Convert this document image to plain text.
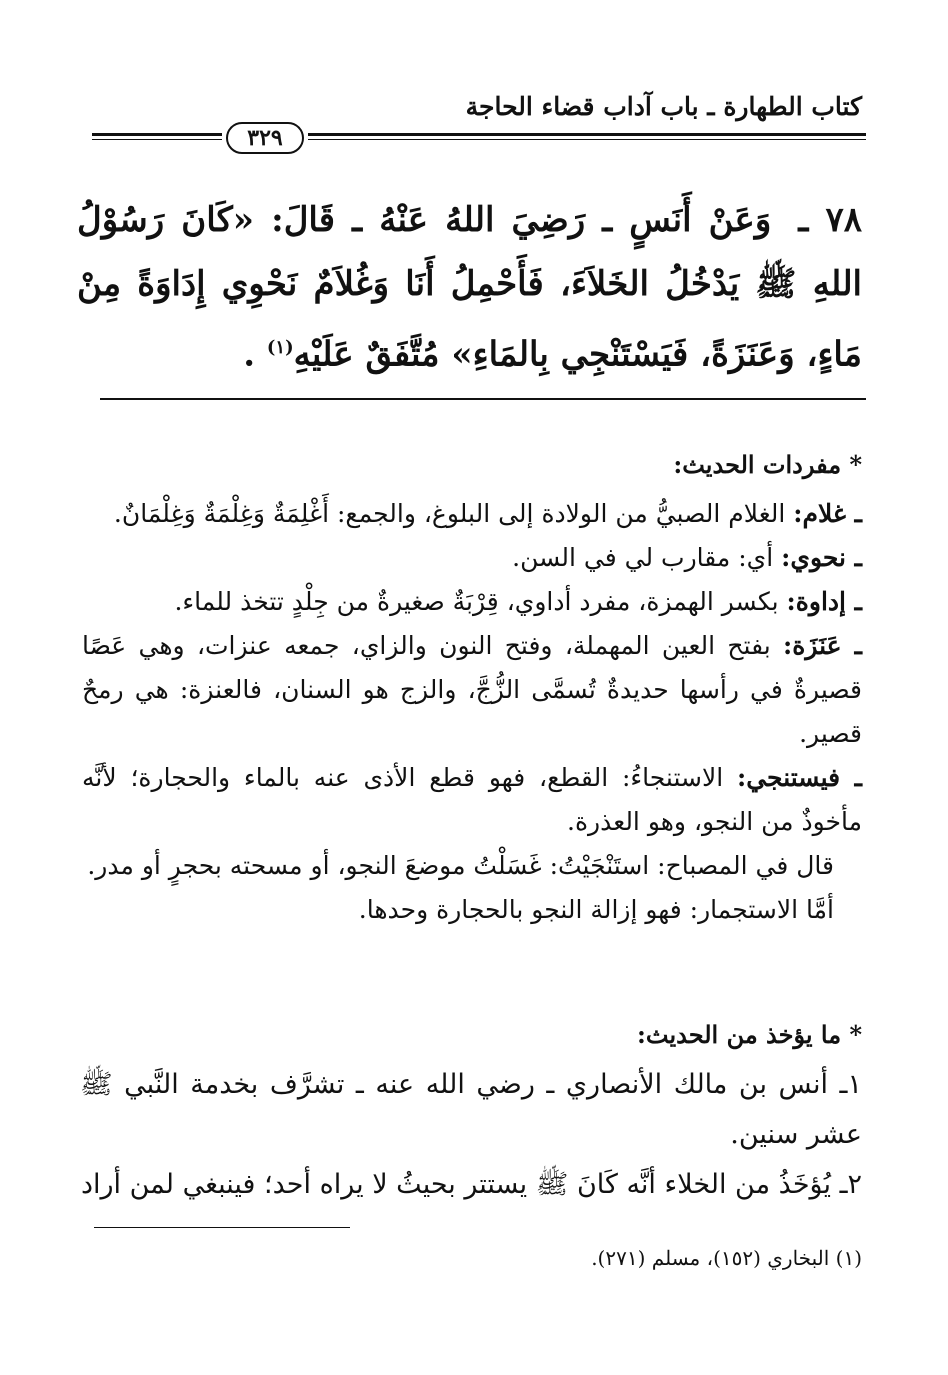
كتاب الطهارة ـ باب آداب قضاء الحاجة
٣٢٩
٧٨ ـ وَعَنْ أَنَسٍ ـ رَضِيَ اللهُ عَنْهُ ـ قَالَ: «كَانَ رَسُوْلُ اللهِ ﷺ يَدْخُلُ الخَلاَءَ، فَأَحْمِلُ أَنَا وَغُلاَمٌ نَحْوِي إِدَاوَةً مِنْ مَاءٍ، وَعَنَزَةً، فَيَسْتَنْجِي بِالمَاءِ» مُتَّفَقٌ عَلَيْهِ$^{(١)}$ .
* مفردات الحديث:

ـ غلام: الغلام الصبيُّ من الولادة إلى البلوغ، والجمع: أَغْلِمَةٌ وَغِلْمَةٌ وَغِلْمَانٌ.

ـ نحوي: أي: مقارب لي في السن.

ـ إداوة: بكسر الهمزة، مفرد أداوي، قِرْبَةٌ صغيرةٌ من جِلْدٍ تتخذ للماء.

ـ عَنَزَة: بفتح العين المهملة، وفتح النون والزاي، جمعه عنزات، وهي عَصًا قصيرةٌ في رأسها حديدةٌ تُسمَّى الزُّجَّ، والزج هو السنان، فالعنزة: هي رمحٌ قصير.

ـ فيستنجي: الاستنجاءُ: القطع، فهو قطع الأذى عنه بالماء والحجارة؛ لأنَّه مأخوذٌ من النجو، وهو العذرة.

قال في المصباح: استَنْجَيْتُ: غَسَلْتُ موضعَ النجو، أو مسحته بحجرٍ أو مدر.

أمَّا الاستجمار: فهو إزالة النجو بالحجارة وحدها.

* ما يؤخذ من الحديث:

١ـ أنس بن مالك الأنصاري ـ رضي الله عنه ـ تشرَّف بخدمة النَّبي ﷺ عشر سنين.

٢ـ يُؤخَذُ من الخلاء أنَّه كَانَ ﷺ يستتر بحيثُ لا يراه أحد؛ فينبغي لمن أراد

(١) البخاري (١٥٢)، مسلم (٢٧١).
